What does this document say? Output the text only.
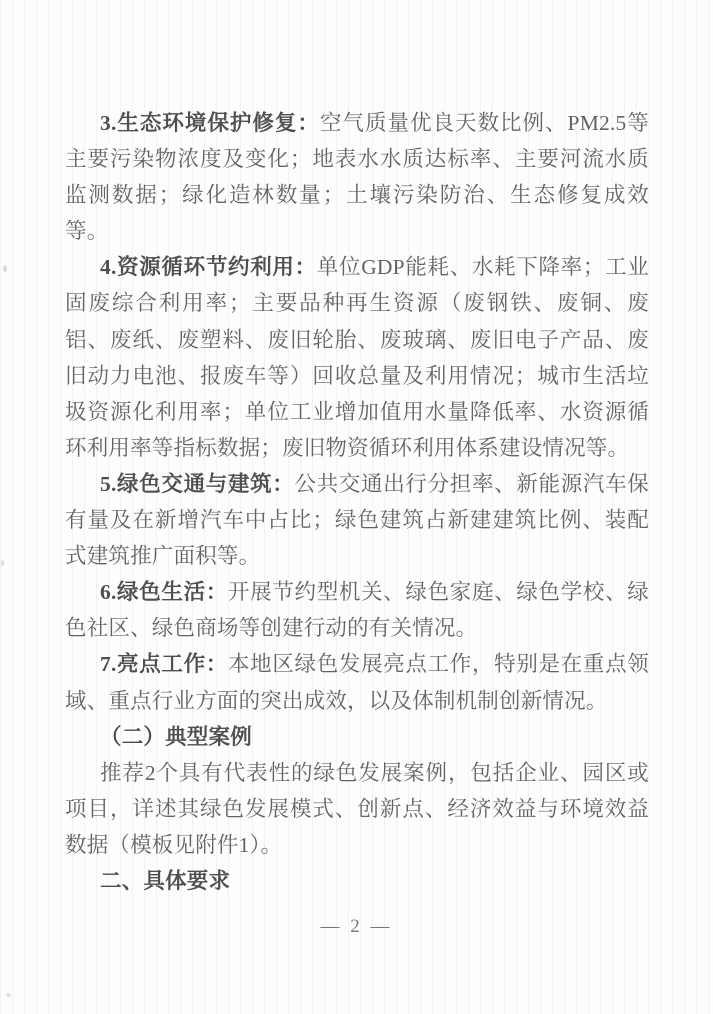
3.生态环境保护修复：空气质量优良天数比例、PM2.5等主要污染物浓度及变化；地表水水质达标率、主要河流水质监测数据；绿化造林数量；土壤污染防治、生态修复成效等。

4.资源循环节约利用：单位GDP能耗、水耗下降率；工业固废综合利用率；主要品种再生资源（废钢铁、废铜、废铝、废纸、废塑料、废旧轮胎、废玻璃、废旧电子产品、废旧动力电池、报废车等）回收总量及利用情况；城市生活垃圾资源化利用率；单位工业增加值用水量降低率、水资源循环利用率等指标数据；废旧物资循环利用体系建设情况等。

5.绿色交通与建筑：公共交通出行分担率、新能源汽车保有量及在新增汽车中占比；绿色建筑占新建建筑比例、装配式建筑推广面积等。

6.绿色生活：开展节约型机关、绿色家庭、绿色学校、绿色社区、绿色商场等创建行动的有关情况。

7.亮点工作：本地区绿色发展亮点工作，特别是在重点领域、重点行业方面的突出成效，以及体制机制创新情况。

（二）典型案例

推荐2个具有代表性的绿色发展案例，包括企业、园区或项目，详述其绿色发展模式、创新点、经济效益与环境效益数据（模板见附件1）。

二、具体要求

— 2 —
